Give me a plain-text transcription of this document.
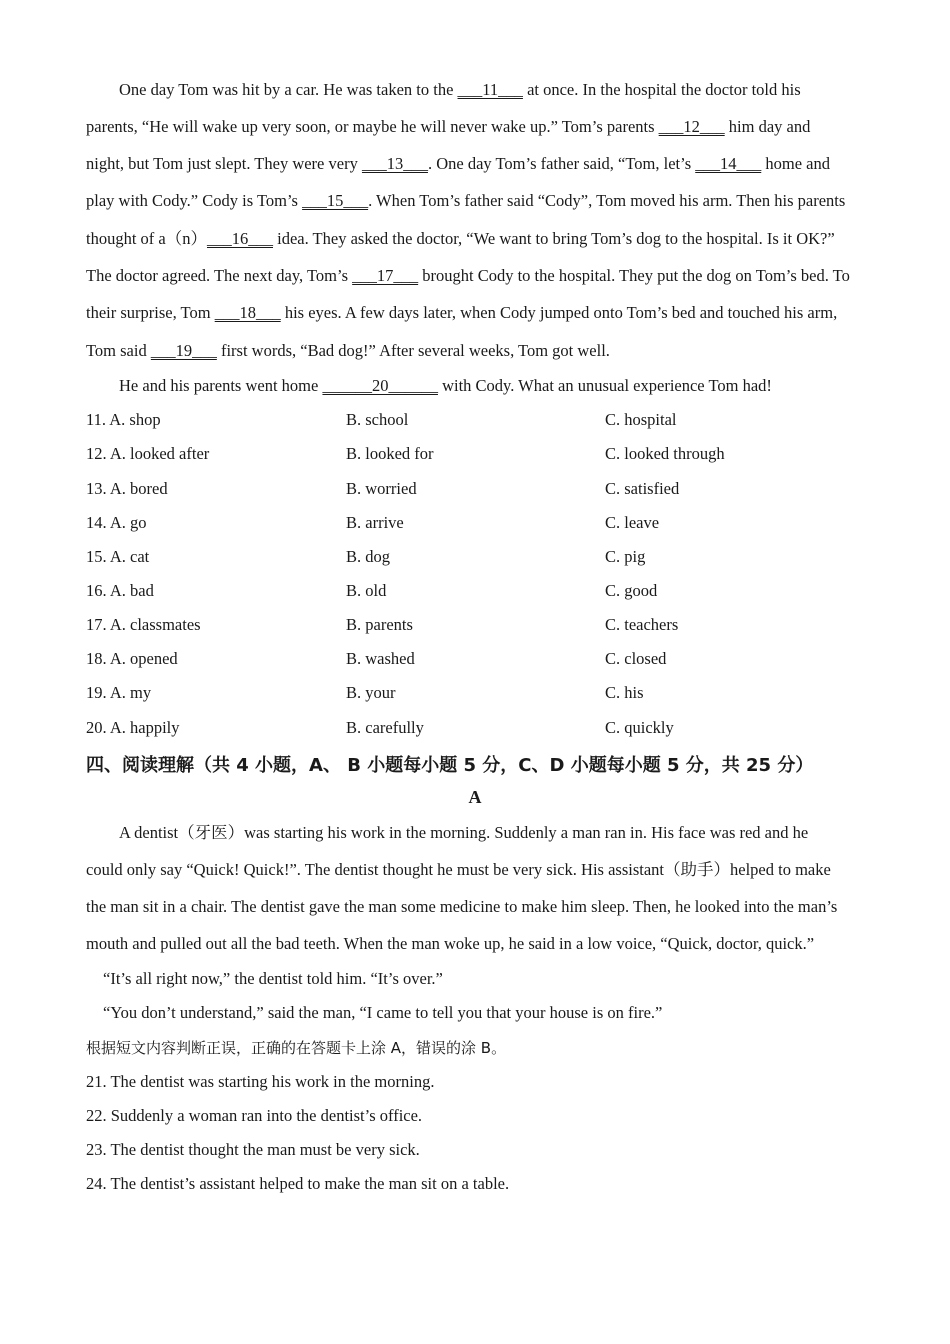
One day Tom was hit by a car. He was taken to the ___11___ at once. In the hospital the doctor told his
parents, “He will wake up very soon, or maybe he will never wake up.” Tom’s parents ___12___ him day and
night, but Tom just slept. They were very ___13___. One day Tom’s father said, “Tom, let’s ___14___ home and
play with Cody.” Cody is Tom’s ___15___. When Tom’s father said “Cody”, Tom moved his arm. Then his parents
thought of a（n）___16___ idea. They asked the doctor, “We want to bring Tom’s dog to the hospital. Is it OK?”
The doctor agreed. The next day, Tom’s ___17___ brought Cody to the hospital. They put the dog on Tom’s bed. To
their surprise, Tom ___18___ his eyes. A few days later, when Cody jumped onto Tom’s bed and touched his arm,
Tom said ___19___ first words, “Bad dog!” After several weeks, Tom got well.
He and his parents went home ______20______ with Cody. What an unusual experience Tom had!
11. A. shop	B. school	C. hospital
12. A. looked after	B. looked for	C. looked through
13. A. bored	B. worried	C. satisfied
14. A. go	B. arrive	C. leave
15. A. cat	B. dog	C. pig
16. A. bad	B. old	C. good
17. A. classmates	B. parents	C. teachers
18. A. opened	B. washed	C. closed
19. A. my	B. your	C. his
20. A. happily	B. carefully	C. quickly
四、阅读理解（共 4 小题，A、 B 小题每小题 5 分，C、D 小题每小题 5 分，共 25 分）
A
A dentist（牙医）was starting his work in the morning. Suddenly a man ran in. His face was red and he
could only say “Quick! Quick!”. The dentist thought he must be very sick. His assistant（助手）helped to make
the man sit in a chair. The dentist gave the man some medicine to make him sleep. Then, he looked into the man’s
mouth and pulled out all the bad teeth. When the man woke up, he said in a low voice, “Quick, doctor, quick.”
“It’s all right now,” the dentist told him. “It’s over.”
“You don’t understand,” said the man, “I came to tell you that your house is on fire.”
根据短文内容判断正误，正确的在答题卡上涂 A，错误的涂 B。
21. The dentist was starting his work in the morning.
22. Suddenly a woman ran into the dentist’s office.
23. The dentist thought the man must be very sick.
24. The dentist’s assistant helped to make the man sit on a table.
